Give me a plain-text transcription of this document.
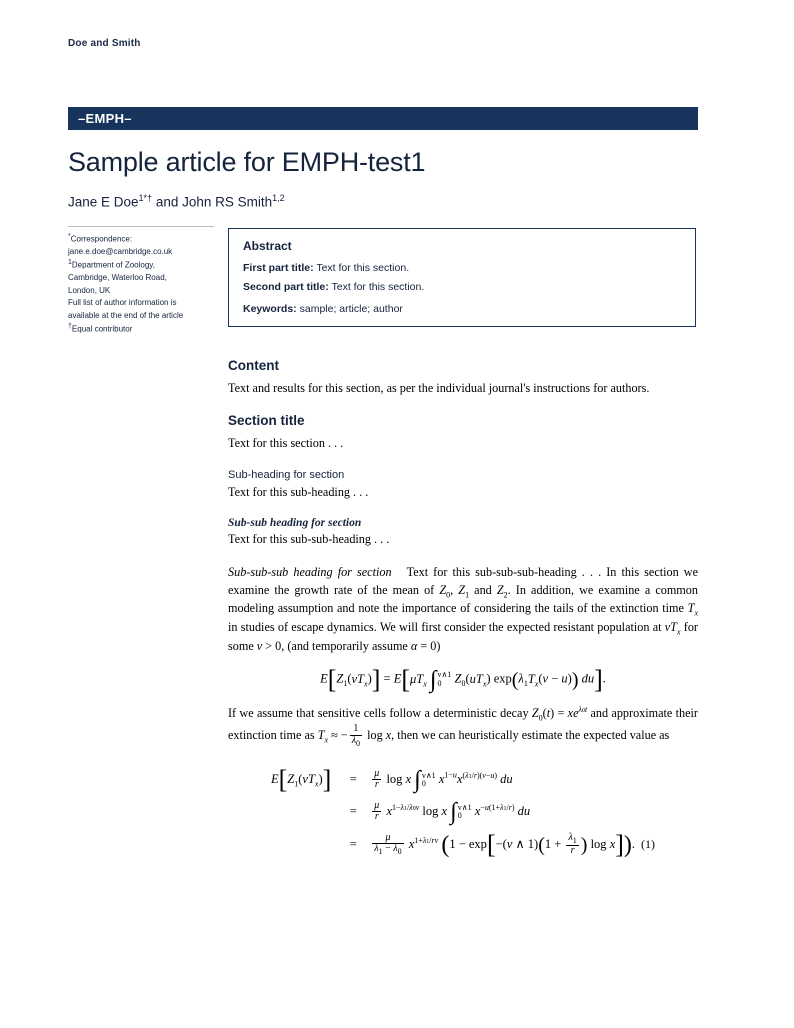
Doe and Smith
–EMPH–
Sample article for EMPH-test1
Jane E Doe$^{1*\dagger}$ and John RS Smith$^{1,2}$
*Correspondence:
jane.e.doe@cambridge.co.uk
$^1$Department of Zoology,
Cambridge, Waterloo Road,
London, UK
Full list of author information is
available at the end of the article
†Equal contributor
Abstract
First part title: Text for this section.
Second part title: Text for this section.
Keywords: sample; article; author
Content

Text and results for this section, as per the individual journal's instructions for authors.

Section title

Text for this section . . .

Sub-heading for section

Text for this sub-heading . . .

Sub-sub heading for section

Text for this sub-sub-heading . . .

Sub-sub-sub heading for section   Text for this sub-sub-sub-heading . . . In this section we examine the growth rate of the mean of $Z_0$, $Z_1$ and $Z_2$. In addition, we examine a common modeling assumption and note the importance of considering the tails of the extinction time $T_x$ in studies of escape dynamics. We will first consider the expected resistant population at $vT_x$ for some v > 0, (and temporarily assume α = 0)

$E[Z_1(vT_x)] = E[\mu T_x$ ∫ v∧1
0	$Z_0(uT_x) \exp(\lambda_1T_x(v - u))$ du].

If we assume that sensitive cells follow a deterministic decay $Z_0(t) = xe^{\lambda 0t}$ and approximate their extinction time as $T_x$ ≈ − $\frac{1}{\lambda_0}$ log x, then we can heuristically estimate the expected value as

$E[Z_1(vT_x)]$	=	$\frac{\mu}{r}$ log x ∫ v∧1
0	$x^{1-u}x^{(\lambda 1/r)(v-u)}$ du	
	=	$\frac{\mu}{r} x^{1-\lambda 1/\lambda 0v}$ log x ∫ v∧1
0	$x^{-u(1+\lambda 1/r)}$ du	
	=	$\frac{\mu}{\lambda_1 - \lambda_0} x^{1+\lambda 1/rv}$ (1 − exp[−(v ∧ $1)(1 + \frac{\lambda_1}{r}$ ) log x]).	(1)
